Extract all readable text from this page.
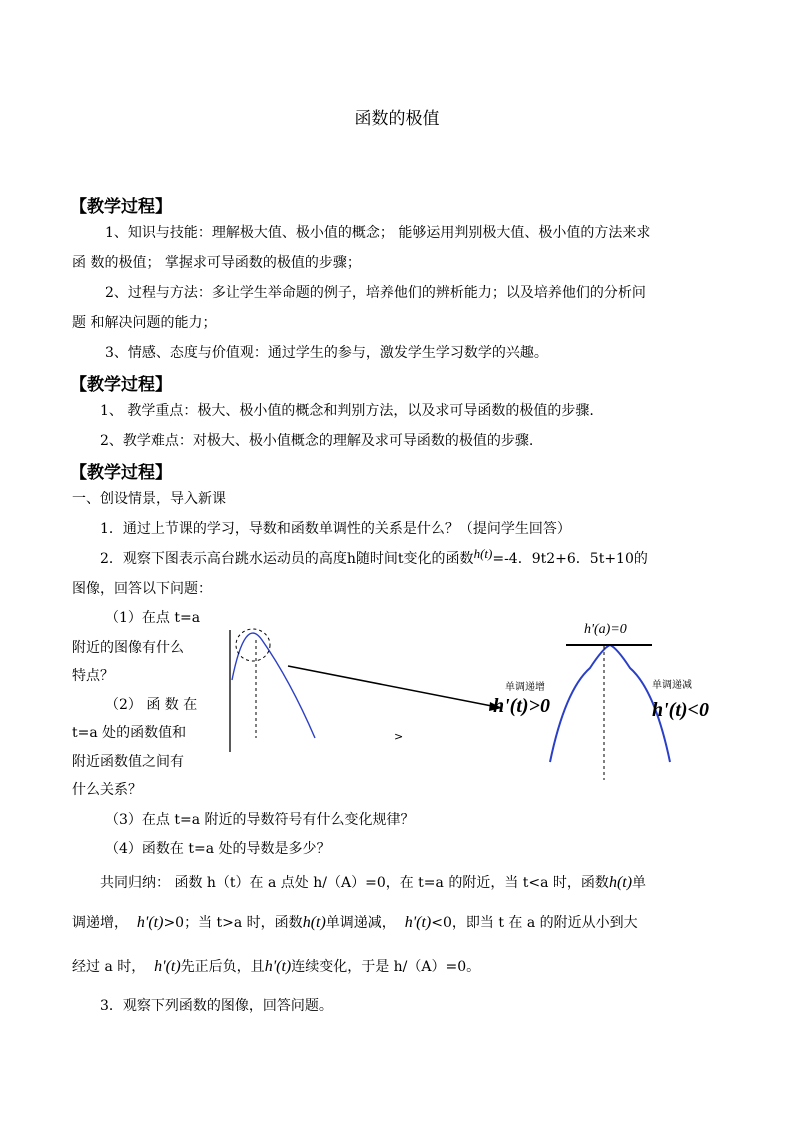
函数的极值
【教学过程】
1、知识与技能：理解极大值、极小值的概念； 能够运用判别极大值、极小值的方法来求
函 数的极值； 掌握求可导函数的极值的步骤；
2、过程与方法：多让学生举命题的例子，培养他们的辨析能力；以及培养他们的分析问
题 和解决问题的能力；
3、情感、态度与价值观：通过学生的参与，激发学生学习数学的兴趣。
【教学过程】
1、 教学重点：极大、极小值的概念和判别方法，以及求可导函数的极值的步骤.
2、教学难点：对极大、极小值概念的理解及求可导函数的极值的步骤.
【教学过程】
一、创设情景，导入新课
1．通过上节课的学习，导数和函数单调性的关系是什么？（提问学生回答）
2．观察下图表示高台跳水运动员的高度h随时间t变化的函数h(t)=-4．9t2+6．5t+10的
图像，回答以下问题：
（1）在点 t=a
附近的图像有什么
特点？
（2） 函 数 在
t=a 处的函数值和
附近函数值之间有
什么关系？
>
h'(a)=0
单调递增
h'(t)>0
单调递减
h'(t)<0
（3）在点 t=a 附近的导数符号有什么变化规律？
（4）函数在 t=a 处的导数是多少？
共同归纳： 函数 h（t）在 a 点处 h/（A）=0，在 t=a 的附近，当 t<a 时，函数h(t)单
调递增， h'(t)>0；当 t>a 时，函数h(t)单调递减， h'(t)<0，即当 t 在 a 的附近从小到大
经过 a 时， h'(t)先正后负，且h'(t)连续变化，于是 h/（A）=0。
3．观察下列函数的图像，回答问题。
